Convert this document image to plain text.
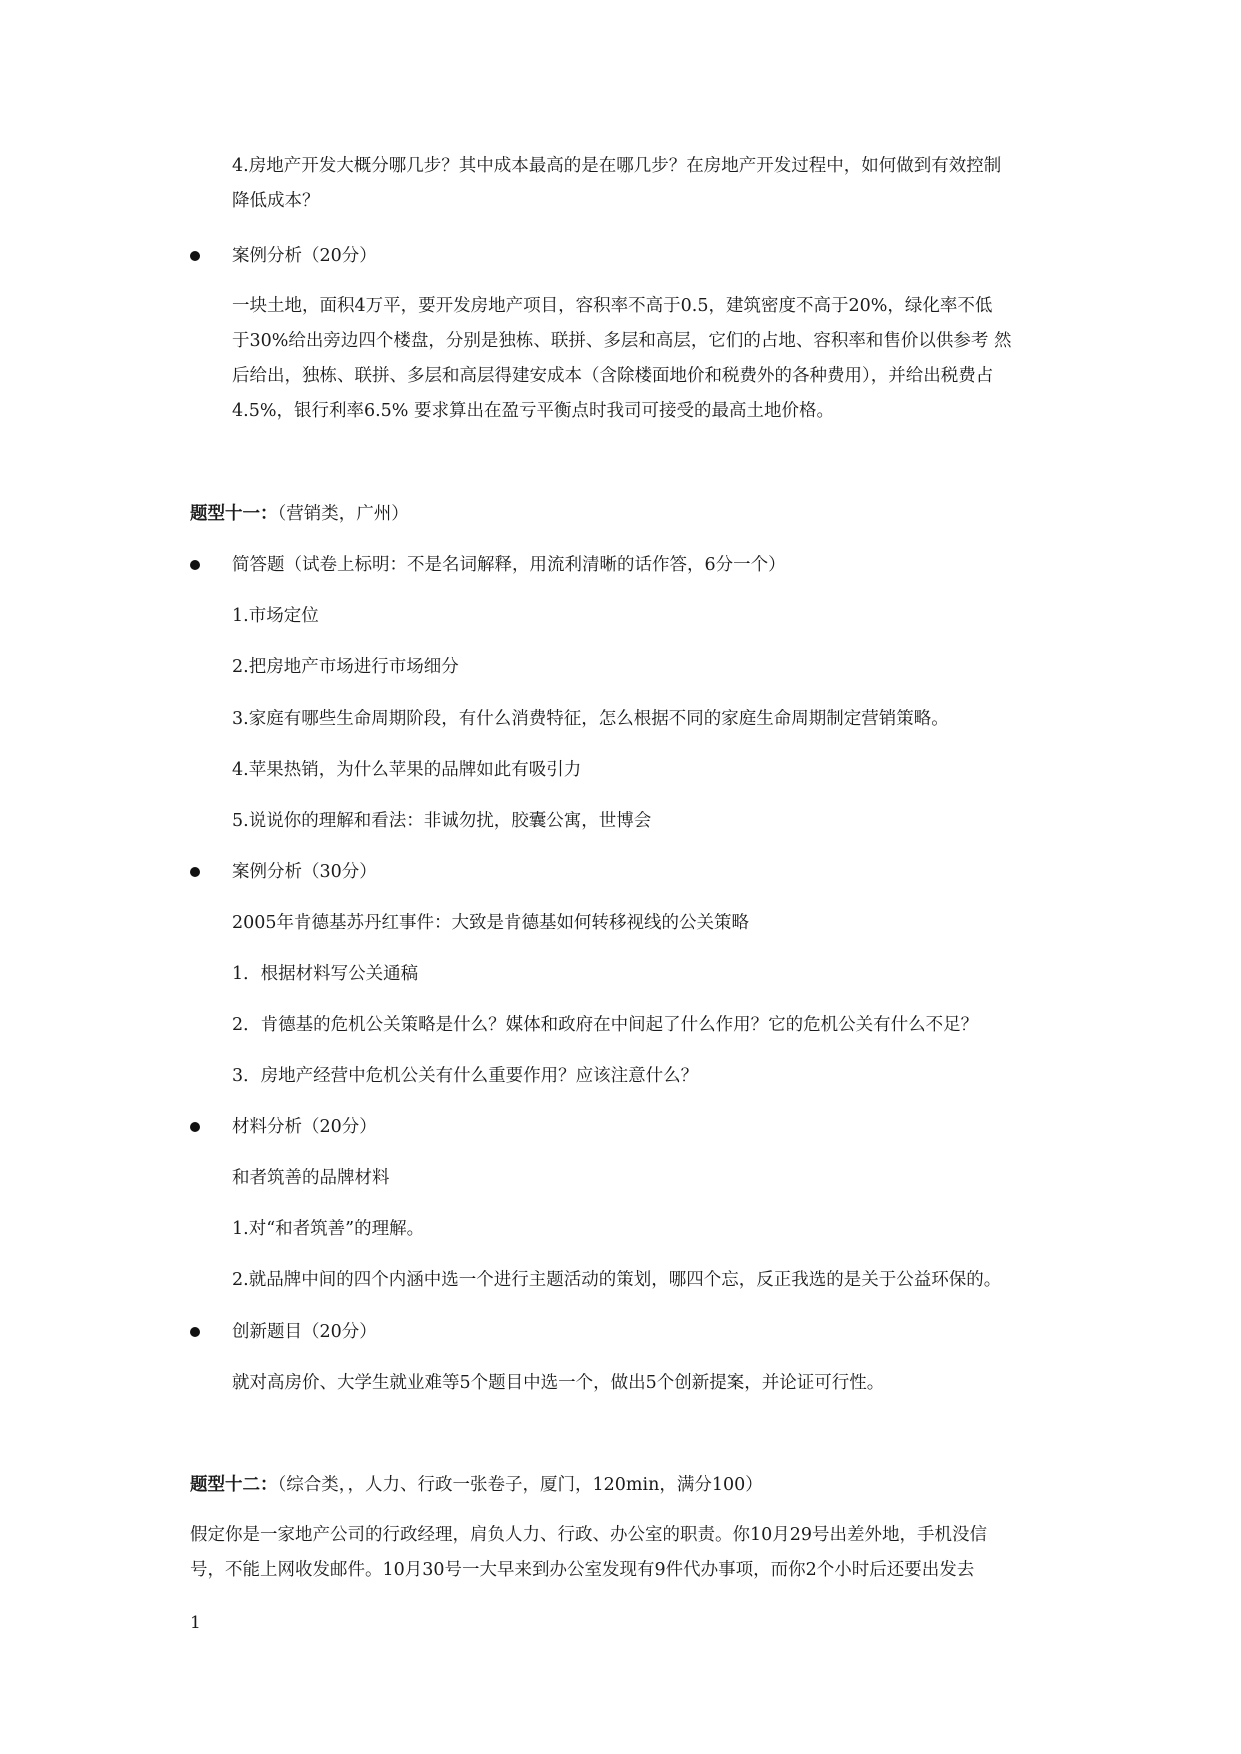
4.房地产开发大概分哪几步？其中成本最高的是在哪几步？在房地产开发过程中，如何做到有效控制
降低成本？
案例分析（20分）
一块土地，面积4万平，要开发房地产项目，容积率不高于0.5，建筑密度不高于20%，绿化率不低
于30%给出旁边四个楼盘，分别是独栋、联拼、多层和高层，它们的占地、容积率和售价以供参考 然
后给出，独栋、联拼、多层和高层得建安成本（含除楼面地价和税费外的各种费用），并给出税费占
4.5%，银行利率6.5% 要求算出在盈亏平衡点时我司可接受的最高土地价格。
题型十一：（营销类，广州）
简答题（试卷上标明：不是名词解释，用流利清晰的话作答，6分一个）
1.市场定位
2.把房地产市场进行市场细分
3.家庭有哪些生命周期阶段，有什么消费特征，怎么根据不同的家庭生命周期制定营销策略。
4.苹果热销，为什么苹果的品牌如此有吸引力
5.说说你的理解和看法：非诚勿扰，胶囊公寓，世博会
案例分析（30分）
2005年肯德基苏丹红事件：大致是肯德基如何转移视线的公关策略
1．根据材料写公关通稿
2．肯德基的危机公关策略是什么？媒体和政府在中间起了什么作用？它的危机公关有什么不足？
3．房地产经营中危机公关有什么重要作用？应该注意什么？
材料分析（20分）
和者筑善的品牌材料
1.对“和者筑善”的理解。
2.就品牌中间的四个内涵中选一个进行主题活动的策划，哪四个忘，反正我选的是关于公益环保的。
创新题目（20分）
就对高房价、大学生就业难等5个题目中选一个，做出5个创新提案，并论证可行性。
题型十二：（综合类，，人力、行政一张卷子，厦门，120min，满分100）
假定你是一家地产公司的行政经理，肩负人力、行政、办公室的职责。你10月29号出差外地，手机没信
号，不能上网收发邮件。10月30号一大早来到办公室发现有9件代办事项，而你2个小时后还要出发去
1
